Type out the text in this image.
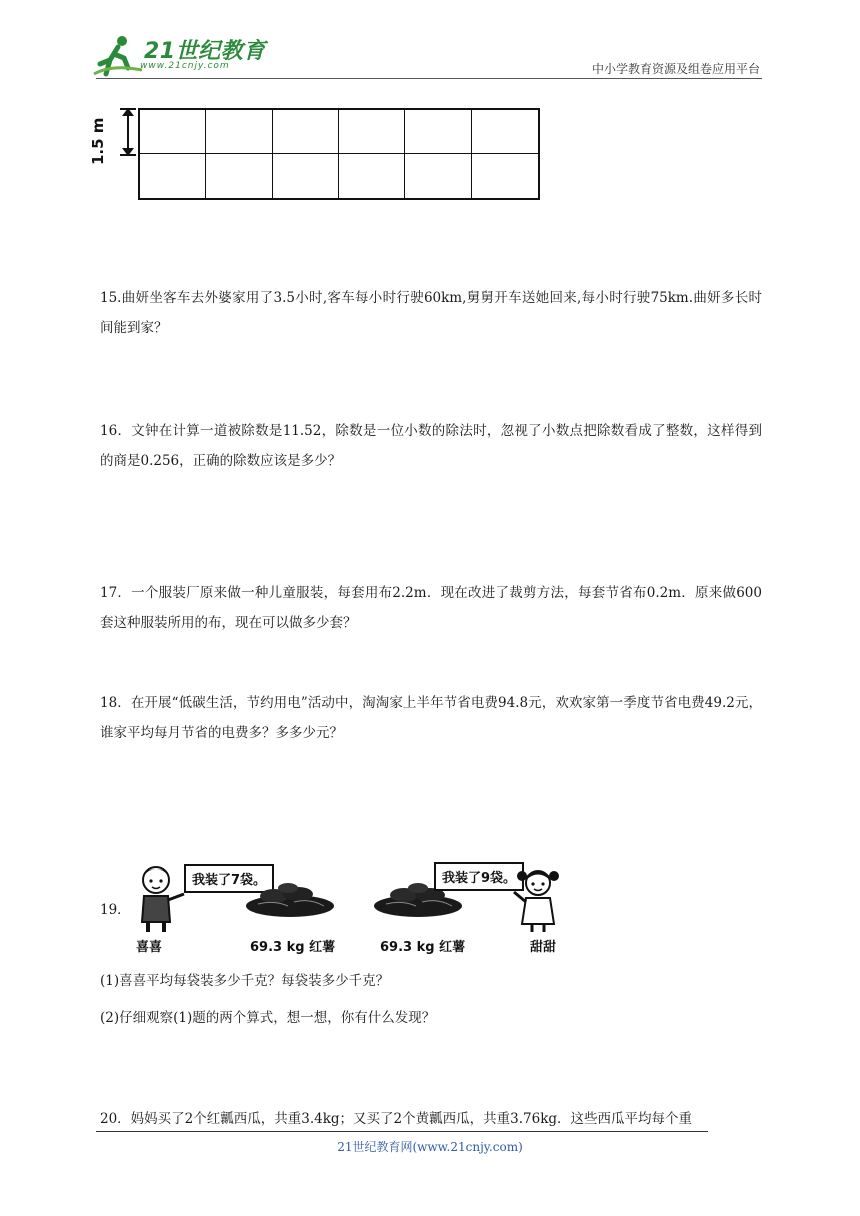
21世纪教育
www.21cnjy.com	中小学教育资源及组卷应用平台
1.5 m
15.曲妍坐客车去外婆家用了3.5小时,客车每小时行驶60km,舅舅开车送她回来,每小时行驶75km.曲妍多长时间能到家？
16．文钟在计算一道被除数是11.52，除数是一位小数的除法时，忽视了小数点把除数看成了整数，这样得到的商是0.256，正确的除数应该是多少？
17．一个服装厂原来做一种儿童服装，每套用布2.2m．现在改进了裁剪方法，每套节省布0.2m．原来做600套这种服装所用的布，现在可以做多少套？
18．在开展“低碳生活，节约用电”活动中，淘淘家上半年节省电费94.8元，欢欢家第一季度节省电费49.2元，谁家平均每月节省的电费多？多多少元？
19．
我装了7袋。
喜喜	69.3 kg 红薯	69.3 kg 红薯
我装了9袋。
甜甜
(1)喜喜平均每袋装多少千克？每袋装多少千克？
(2)仔细观察(1)题的两个算式，想一想，你有什么发现？
20．妈妈买了2个红瓤西瓜，共重3.4kg；又买了2个黄瓤西瓜，共重3.76kg．这些西瓜平均每个重
21世纪教育网(www.21cnjy.com)
